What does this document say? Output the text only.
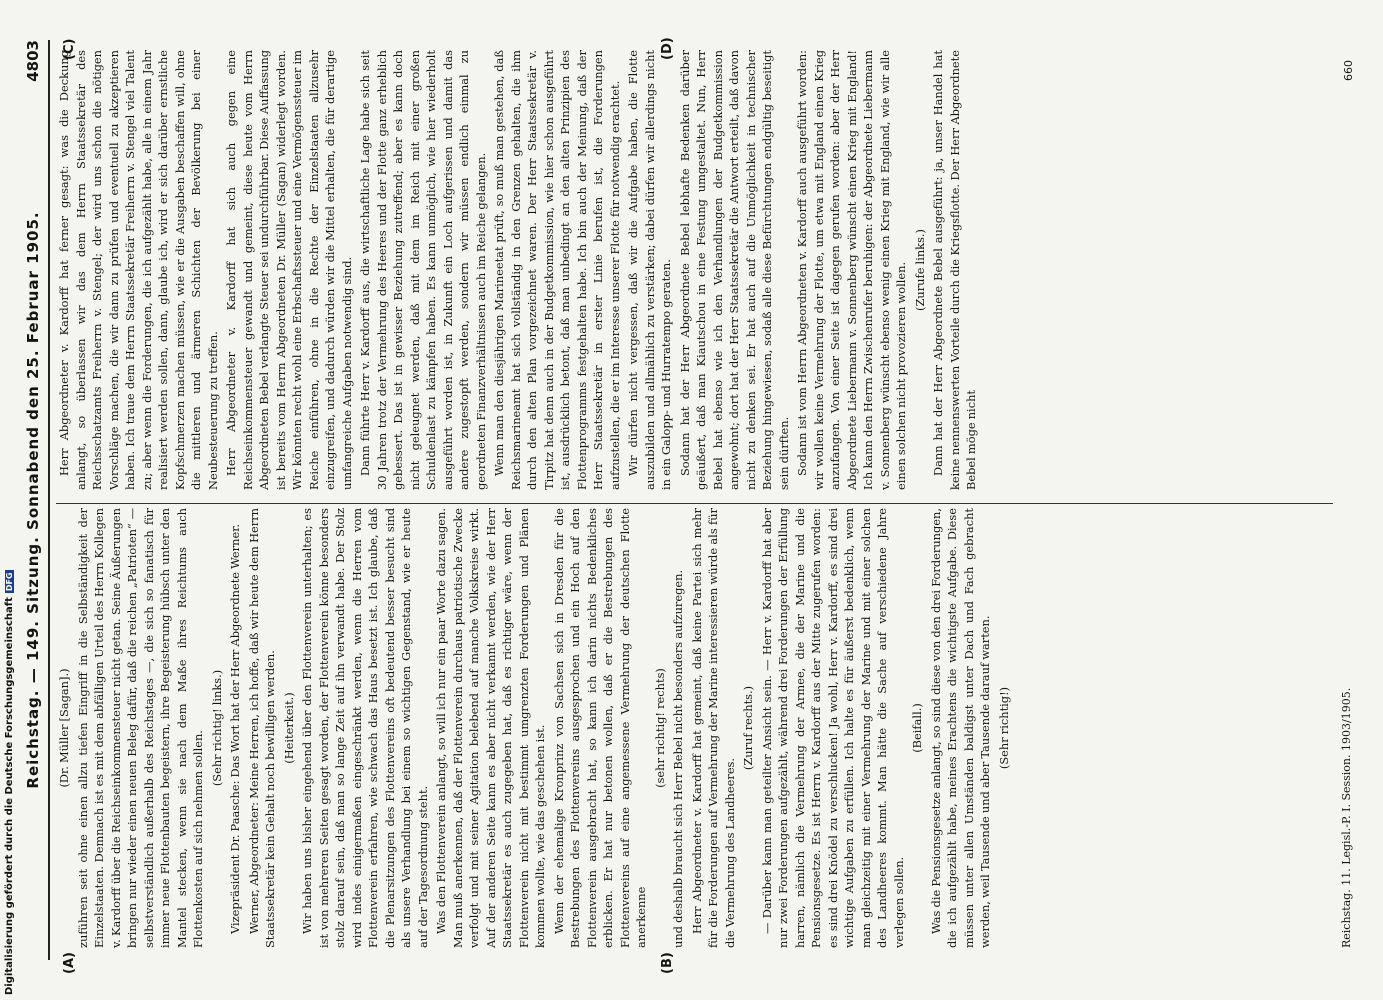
Reichstag. — 149. Sitzung. Sonnabend den 25. Februar 1905.
4803
(A)	(B)
(C)	(D)

(Dr. Müller [Sagan].) zuführen seit ohne einen allzu tiefen Eingriff in die Selbständigkeit der Einzelstaaten. Demnach ist es mit dem abfälligen Urteil des Herrn Kollegen v. Kardorff über die Reichseinkommensteuer nicht getan. Seine Äußerungen bringen nur wieder einen neuen Beleg dafür, daß die reichen „Patrioten“ — selbstverständlich außerhalb des Reichstages —, die sich so fanatisch für immer neue Flottenbauten begeistern, ihre Begeisterung hübsch unter den Mantel stecken, wenn sie nach dem Maße ihres Reichtums auch Flottenkosten auf sich nehmen sollen.

(Sehr richtig! links.) Vizepräsident Dr. Paasche: Das Wort hat der Herr Abgeordnete Werner. Werner, Abgeordneter: Meine Herren, ich hoffe, daß wir heute dem Herrn Staatssekretär kein Gehalt noch bewilligen werden. (Heiterkeit.) Wir haben uns bisher eingehend über den Flottenverein unterhalten; es ist von mehreren Seiten gesagt worden, der Flottenverein könne besonders stolz darauf sein, daß man so lange Zeit auf ihn verwandt habe. Der Stolz wird indes einigermaßen eingeschränkt werden, wenn die Herren vom Flottenverein erfahren, wie schwach das Haus besetzt ist. Ich glaube, daß die Plenarsitzungen des Flottenvereins oft bedeutend besser besucht sind als unsere Verhandlung bei einem so wichtigen Gegenstand, wie er heute auf der Tagesordnung steht. Was den Flottenverein anlangt, so will ich nur ein paar Worte dazu sagen. Man muß anerkennen, daß der Flottenverein durchaus patriotische Zwecke verfolgt und mit seiner Agitation belebend auf manche Volkskreise wirkt. Auf der anderen Seite kann es aber nicht verkannt werden, wie der Herr Staatssekretär es auch zugegeben hat, daß es richtiger wäre, wenn der Flottenverein nicht mit bestimmt umgrenzten Forderungen und Plänen kommen wollte, wie das geschehen ist. Wenn der ehemalige Kronprinz von Sachsen sich in Dresden für die Bestrebungen des Flottenvereins ausgesprochen und ein Hoch auf den Flottenverein ausgebracht hat, so kann ich darin nichts Bedenkliches erblicken. Er hat nur betonen wollen, daß er die Bestrebungen des Flottenvereins auf eine angemessene Vermehrung der deutschen Flotte anerkenne

(sehr richtig! rechts) und deshalb braucht sich Herr Bebel nicht besonders aufzuregen. Herr Abgeordneter v. Kardorff hat gemeint, daß keine Partei sich mehr für die Forderungen auf Vermehrung der Marine interessieren würde als für die Vermehrung des Landheeres.

(Zuruf rechts.) — Darüber kann man geteilter Ansicht sein. — Herr v. Kardorff hat aber nur zwei Forderungen aufgezählt, während drei Forderungen der Erfüllung harren, nämlich die Vermehrung der Armee, die der Marine und die Pensionsgesetze. Es ist Herrn v. Kardorff aus der Mitte zugerufen worden: es sind drei Knödel zu verschlucken! Ja wohl, Herr v. Kardorff, es sind drei wichtige Aufgaben zu erfüllen. Ich halte es für äußerst bedenklich, wenn man gleichzeitig mit einer Vermehrung der Marine und mit einer solchen des Landheeres kommt. Man hätte die Sache auf verschiedene Jahre verlegen sollen.

(Beifall.) Was die Pensionsgesetze anlangt, so sind diese von den drei Forderungen, die ich aufgezählt habe, meines Erachtens die wichtigste Aufgabe. Diese müssen unter allen Umständen baldigst unter Dach und Fach gebracht werden, weil Tausende und aber Tausende darauf warten. (Sehr richtig!)

Herr Abgeordneter v. Kardorff hat ferner gesagt: was die Deckung anlangt, so überlassen wir das dem Herrn Staatssekretär des Reichsschatzamts Freiherrn v. Stengel; der wird uns schon die nötigen Vorschläge machen, die wir dann zu prüfen und eventuell zu akzeptieren haben. Ich traue dem Herrn Staatssekretär Freiherrn v. Stengel viel Talent zu; aber wenn die Forderungen, die ich aufgezählt habe, alle in einem Jahr realisiert werden sollen, dann, glaube ich, wird er sich darüber ernstliche Kopfschmerzen machen müssen, wie er die Ausgaben beschaffen will, ohne die mittleren und ärmeren Schichten der Bevölkerung bei einer Neubesteuerung zu treffen. Herr Abgeordneter v. Kardorff hat sich auch gegen eine Reichseinkommensteuer gewandt und gemeint, diese heute vom Herrn Abgeordneten Bebel verlangte Steuer sei undurchführbar. Diese Auffassung ist bereits vom Herrn Abgeordneten Dr. Müller (Sagan) widerlegt worden. Wir könnten recht wohl eine Erbschaftssteuer und eine Vermögenssteuer im Reiche einführen, ohne in die Rechte der Einzelstaaten allzusehr einzugreifen, und dadurch würden wir die Mittel erhalten, die für derartige umfangreiche Aufgaben notwendig sind. Dann führte Herr v. Kardorff aus, die wirtschaftliche Lage habe sich seit 30 Jahren trotz der Vermehrung des Heeres und der Flotte ganz erheblich gebessert. Das ist in gewisser Beziehung zutreffend; aber es kann doch nicht geleugnet werden, daß mit dem im Reich mit einer großen Schuldenlast zu kämpfen haben. Es kann unmöglich, wie hier wiederholt ausgeführt worden ist, in Zukunft ein Loch aufgerissen und damit das andere zugestopft werden, sondern wir müssen endlich einmal zu geordneten Finanzverhältnissen auch im Reiche gelangen. Wenn man den diesjährigen Marineetat prüft, so muß man gestehen, daß Reichsmarineamt hat sich vollständig in den Grenzen gehalten, die ihm durch den alten Plan vorgezeichnet waren. Der Herr Staatssekretär v. Tirpitz hat denn auch in der Budgetkommission, wie hier schon ausgeführt ist, ausdrücklich betont, daß man unbedingt an den alten Prinzipien des Flottenprogramms festgehalten habe. Ich bin auch der Meinung, daß der Herr Staatssekretär in erster Linie berufen ist, die Forderungen aufzustellen, die er im Interesse unserer Flotte für notwendig erachtet. Wir dürfen nicht vergessen, daß wir die Aufgabe haben, die Flotte auszubilden und allmählich zu verstärken; dabei dürfen wir allerdings nicht in ein Galopp- und Hurratempo geraten. Sodann hat der Herr Abgeordnete Bebel lebhafte Bedenken darüber geäußert, daß man Kiautschou in eine Festung umgestaltet. Nun, Herr Bebel hat ebenso wie ich den Verhandlungen der Budgetkommission angewohnt; dort hat der Herr Staatssekretär die Antwort erteilt, daß davon nicht zu denken sei. Er hat auch auf die Unmöglichkeit in technischer Beziehung hingewiesen, sodaß alle diese Befürchtungen endgültig beseitigt sein dürften. Sodann ist vom Herrn Abgeordneten v. Kardorff auch ausgeführt worden: wir wollen keine Vermehrung der Flotte, um etwa mit England einen Krieg anzufangen. Von einer Seite ist dagegen gerufen worden: aber der Herr Abgeordnete Liebermann v. Sonnenberg wünscht einen Krieg mit England! Ich kann den Herrn Zwischenrufer beruhigen: der Abgeordnete Liebermann v. Sonnenberg wünscht ebenso wenig einen Krieg mit England, wie wir alle einen solchen nicht provozieren wollen. (Zurufe links.) Dann hat der Herr Abgeordnete Bebel ausgeführt: ja, unser Handel hat keine nennenswerten Vorteile durch die Kriegsflotte. Der Herr Abgeordnete Bebel möge nicht

Reichstag. 11. Legisl.-P. I. Session. 1903/1905.
660
Digitalisierung gefördert durch die Deutsche ForschungsgemeinschaftDFG
